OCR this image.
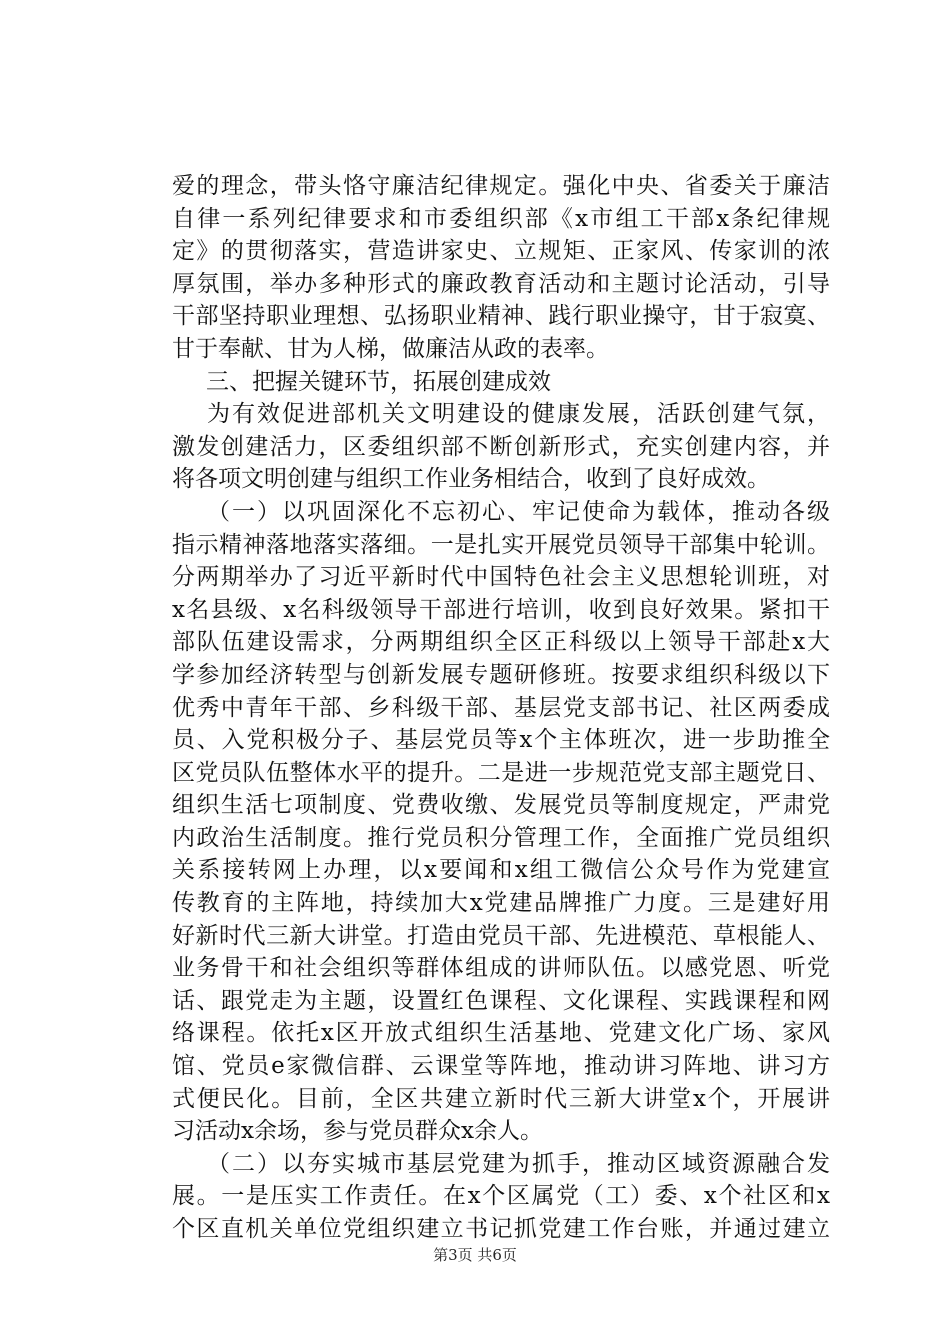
爱的理念，带头恪守廉洁纪律规定。强化中央、省委关于廉洁
自律一系列纪律要求和市委组织部《x市组工干部x条纪律规
定》的贯彻落实，营造讲家史、立规矩、正家风、传家训的浓
厚氛围，举办多种形式的廉政教育活动和主题讨论活动，引导
干部坚持职业理想、弘扬职业精神、践行职业操守，甘于寂寞、
甘于奉献、甘为人梯，做廉洁从政的表率。
三、把握关键环节，拓展创建成效
为有效促进部机关文明建设的健康发展，活跃创建气氛，
激发创建活力，区委组织部不断创新形式，充实创建内容，并
将各项文明创建与组织工作业务相结合，收到了良好成效。
（一）以巩固深化不忘初心、牢记使命为载体，推动各级
指示精神落地落实落细。一是扎实开展党员领导干部集中轮训。
分两期举办了习近平新时代中国特色社会主义思想轮训班，对
x名县级、x名科级领导干部进行培训，收到良好效果。紧扣干
部队伍建设需求，分两期组织全区正科级以上领导干部赴x大
学参加经济转型与创新发展专题研修班。按要求组织科级以下
优秀中青年干部、乡科级干部、基层党支部书记、社区两委成
员、入党积极分子、基层党员等x个主体班次，进一步助推全
区党员队伍整体水平的提升。二是进一步规范党支部主题党日、
组织生活七项制度、党费收缴、发展党员等制度规定，严肃党
内政治生活制度。推行党员积分管理工作，全面推广党员组织
关系接转网上办理，以x要闻和x组工微信公众号作为党建宣
传教育的主阵地，持续加大x党建品牌推广力度。三是建好用
好新时代三新大讲堂。打造由党员干部、先进模范、草根能人、
业务骨干和社会组织等群体组成的讲师队伍。以感党恩、听党
话、跟党走为主题，设置红色课程、文化课程、实践课程和网
络课程。依托x区开放式组织生活基地、党建文化广场、家风
馆、党员e家微信群、云课堂等阵地，推动讲习阵地、讲习方
式便民化。目前，全区共建立新时代三新大讲堂x个，开展讲
习活动x余场，参与党员群众x余人。
（二）以夯实城市基层党建为抓手，推动区域资源融合发
展。一是压实工作责任。在x个区属党（工）委、x个社区和x
个区直机关单位党组织建立书记抓党建工作台账，并通过建立
第3页 共6页
